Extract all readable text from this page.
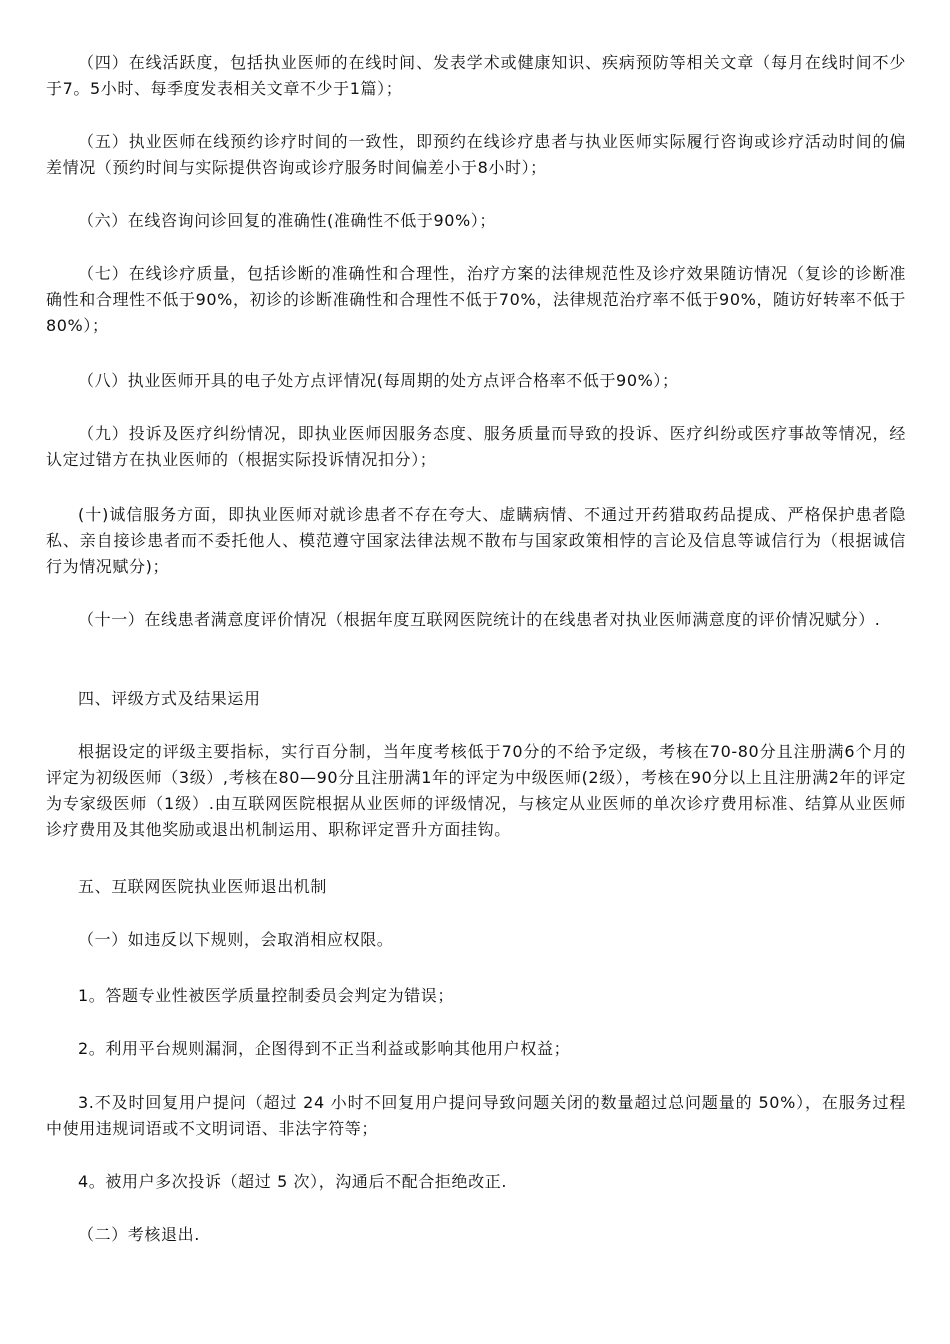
（四）在线活跃度，包括执业医师的在线时间、发表学术或健康知识、疾病预防等相关文章（每月在线时间不少于7。5小时、每季度发表相关文章不少于1篇）；

（五）执业医师在线预约诊疗时间的一致性，即预约在线诊疗患者与执业医师实际履行咨询或诊疗活动时间的偏差情况（预约时间与实际提供咨询或诊疗服务时间偏差小于8小时）；

（六）在线咨询问诊回复的准确性(准确性不低于90%）；

（七）在线诊疗质量，包括诊断的准确性和合理性，治疗方案的法律规范性及诊疗效果随访情况（复诊的诊断准确性和合理性不低于90%，初诊的诊断准确性和合理性不低于70%，法律规范治疗率不低于90%，随访好转率不低于80%）；

（八）执业医师开具的电子处方点评情况(每周期的处方点评合格率不低于90%）；

（九）投诉及医疗纠纷情况，即执业医师因服务态度、服务质量而导致的投诉、医疗纠纷或医疗事故等情况，经认定过错方在执业医师的（根据实际投诉情况扣分）；

(十)诚信服务方面，即执业医师对就诊患者不存在夸大、虚瞒病情、不通过开药猎取药品提成、严格保护患者隐私、亲自接诊患者而不委托他人、模范遵守国家法律法规不散布与国家政策相悖的言论及信息等诚信行为（根据诚信行为情况赋分)；

（十一）在线患者满意度评价情况（根据年度互联网医院统计的在线患者对执业医师满意度的评价情况赋分）.

四、评级方式及结果运用

根据设定的评级主要指标，实行百分制，当年度考核低于70分的不给予定级，考核在70-80分且注册满6个月的评定为初级医师（3级）,考核在80—90分且注册满1年的评定为中级医师(2级），考核在90分以上且注册满2年的评定为专家级医师（1级）.由互联网医院根据从业医师的评级情况，与核定从业医师的单次诊疗费用标准、结算从业医师诊疗费用及其他奖励或退出机制运用、职称评定晋升方面挂钩。

五、互联网医院执业医师退出机制

（一）如违反以下规则，会取消相应权限。

1。答题专业性被医学质量控制委员会判定为错误；

2。利用平台规则漏洞，企图得到不正当利益或影响其他用户权益；

3.不及时回复用户提问（超过 24 小时不回复用户提问导致问题关闭的数量超过总问题量的 50%），在服务过程中使用违规词语或不文明词语、非法字符等；

4。被用户多次投诉（超过 5 次），沟通后不配合拒绝改正.

（二）考核退出.
